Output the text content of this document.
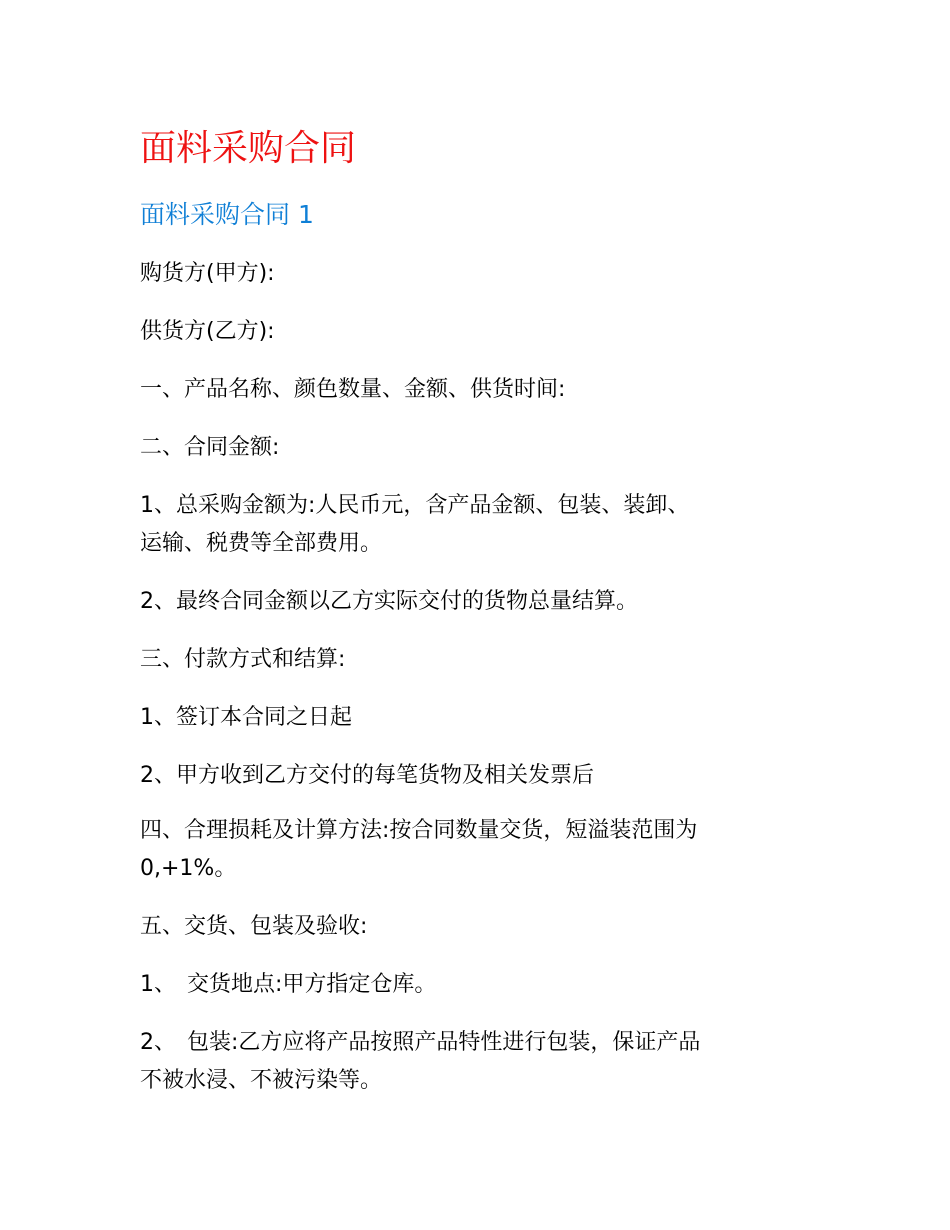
面料采购合同
面料采购合同 1

购货方(甲方):

供货方(乙方):

一、产品名称、颜色数量、金额、供货时间:

二、合同金额:

1、总采购金额为:人民币元，含产品金额、包装、装卸、
运输、税费等全部费用。

2、最终合同金额以乙方实际交付的货物总量结算。

三、付款方式和结算:

1、签订本合同之日起

2、甲方收到乙方交付的每笔货物及相关发票后

四、合理损耗及计算方法:按合同数量交货，短溢装范围为
0,+1%。

五、交货、包装及验收:

1、　交货地点:甲方指定仓库。

2、　包装:乙方应将产品按照产品特性进行包装，保证产品
不被水浸、不被污染等。
